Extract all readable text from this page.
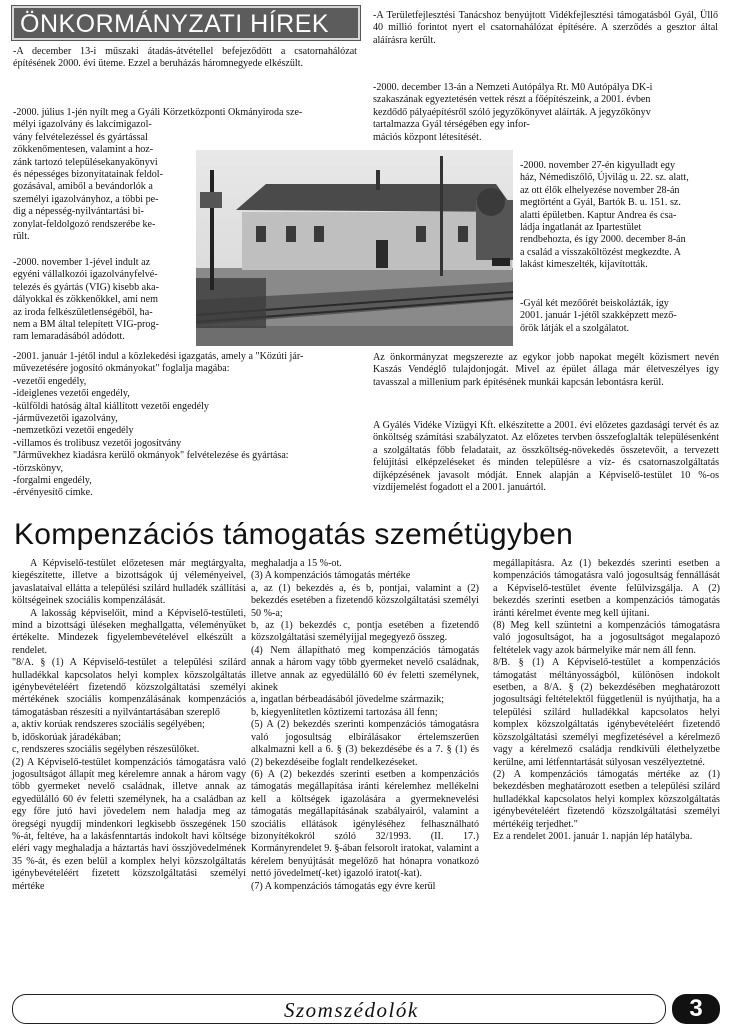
ÖNKORMÁNYZATI HÍREK

-A december 13-i műszaki átadás-átvétellel befejeződött a csatornahálózat építésének 2000. évi üteme. Ezzel a beruházás háromnegyede elkészült.

-2000. július 1-jén nyílt meg a Gyáli Körzetközponti Okmányiroda sze-
mélyi igazolvány és lakcímigazol-
vány felvételezéssel és gyártással
zökkenőmentesen, valamint a hoz-
zánk tartozó településekanyakönyvi
és népességes bizonyítatainak feldol-
gozásával, amiből a bevándorlók a
személyi igazolványhoz, a többi pe-
dig a népesség-nyilvántartási bi-
zonylat-feldolgozó rendszerébe ke-
rült.
-2000. november 1-jével indult az
egyéni vállalkozói igazolványfelvé-
telezés és gyártás (VIG) kisebb aka-
dályokkal és zökkenőkkel, ami nem
az iroda felkészületlenségéből, ha-
nem a BM által telepített VIG-prog-
ram lemaradásából adódott.
-2001. január 1-jétől indul a közlekedési igazgatás, amely a "Közúti jár-
művezetésére jogosító okmányokat" foglalja magába:
-vezetői engedély,
-ideiglenes vezetői engedély,
-külföldi hatóság által kiállított vezetői engedély
-járművezetői igazolvány,
-nemzetközi vezetői engedély
-villamos és trolibusz vezetői jogosítvány
"Járművekhez kiadásra kerülő okmányok" felvételezése és gyártása:
-törzskönyv,
-forgalmi engedély,
-érvényesítő címke.

-A Területfejlesztési Tanácshoz benyújtott Vidékfejlesztési támogatásból Gyál, Üllő 40 millió forintot nyert el csatornahálózat építésére. A szerződés a gesztor által aláírásra került.

-2000. december 13-án a Nemzeti Autópálya Rt. M0 Autópálya DK-i
szakaszának egyeztetésén vettek részt a főépítészeink, a 2001. évben
kezdődő pályaépítésről szóló jegyzőkönyvet aláírták. A jegyzőkönyv
tartalmazza Gyál térségében egy infor-
mációs központ létesítését.
-2000. november 27-én kigyulladt egy
ház, Némediszőlő, Újvilág u. 22. sz. alatt,
az ott élők elhelyezése november 28-án
megtörtént a Gyál, Bartók B. u. 151. sz.
alatti épületben. Kaptur Andrea és csa-
ládja ingatlanát az Ipartestület
rendbehozta, és így 2000. december 8-án
a család a visszaköltözést megkezdte. A
lakást kimeszelték, kijavították.
-Gyál két mezőőrét beiskolázták, így
2001. január 1-jétől szakképzett mező-
őrök látják el a szolgálatot.

Az önkormányzat megszerezte az egykor jobb napokat megélt közismert nevén Kaszás Vendéglő tulajdonjogát. Mivel az épület állaga már életveszélyes így tavasszal a millenium park építésének munkái kapcsán lebontásra kerül.

A Gyálés Vidéke Vízügyi Kft. elkészítette a 2001. évi előzetes gazdasági tervét és az önköltség számítási szabályzatot. Az előzetes tervben összefoglalták településenként a szolgáltatás főbb feladatait, az összköltség-növekedés összetevőit, a tervezett felújítási elképzeléseket és minden településre a víz- és csatornaszolgáltatás díjképzésének javasolt módját. Ennek alapján a Képviselő-testület 10 %-os vízdíjemelést fogadott el a 2001. januártól.

Kompenzációs támogatás szemétügyben

A Képviselő-testület előzetesen már megtárgyalta, kiegészítette, illetve a bizottságok új véleményeivel, javaslataival ellátta a települési szilárd hulladék szállítási költségeinek szociális kompenzálását.

A lakosság képviselőit, mind a Képviselő-testületi, mind a bizottsági üléseken meghallgatta, véleményüket értékelte. Mindezek figyelembevételével elkészült a rendelet.

"8/A. § (1) A Képviselő-testület a települési szilárd hulladékkal kapcsolatos helyi komplex közszolgáltatás igénybevételéért fizetendő közszolgáltatási személyi mértékének szociális kompenzálásának kompenzációs támogatásban részesíti a nyilvántartásában szereplő

a, aktív korúak rendszeres szociális segélyében;

b, időskorúak járadékában;

c, rendszeres szociális segélyben részesülőket.

(2) A Képviselő-testület kompenzációs támogatásra való jogosultságot állapít meg kérelemre annak a három vagy több gyermeket nevelő családnak, illetve annak az egyedülálló 60 év feletti személynek, ha a családban az egy főre jutó havi jövedelem nem haladja meg az öregségi nyugdíj mindenkori legkisebb összegének 150 %-át, feltéve, ha a lakásfenntartás indokolt havi költsége eléri vagy meghaladja a háztartás havi összjövedelmének 35 %-át, és ezen belül a komplex helyi közszolgáltatás igénybevételéért fizetett közszolgáltatási személyi mértéke

meghaladja a 15 %-ot.

(3) A kompenzációs támogatás mértéke

a, az (1) bekezdés a, és b, pontjai, valamint a (2) bekezdés esetében a fizetendő közszolgáltatási személyi 50 %-a;

b, az (1) bekezdés c, pontja esetében a fizetendő közszolgáltatási személyijjal megegyező összeg.

(4) Nem állapítható meg kompenzációs támogatás annak a három vagy több gyermeket nevelő családnak, illetve annak az egyedülálló 60 év feletti személynek, akinek

a, ingatlan bérbeadásából jövedelme származik;

b, kiegyenlítetlen köztizemi tartozása áll fenn;

(5) A (2) bekezdés szerinti kompenzációs támogatásra való jogosultság elbírálásakor értelemszerűen alkalmazni kell a 6. § (3) bekezdésébe és a 7. § (1) és (2) bekezdéseibe foglalt rendelkezéseket.

(6) A (2) bekezdés szerinti esetben a kompenzációs támogatás megállapítása iránti kérelemhez mellékelni kell a költségek igazolására a gyermeknevelési támogatás megállapításának szabályairól, valamint a szociális ellátások igényléséhez felhasználható bizonyítékokról szóló 32/1993. (II. 17.) Kormányrendelet 9. §-ában felsorolt iratokat, valamint a kérelem benyújtását megelőző hat hónapra vonatkozó nettó jövedelmet(-ket) igazoló iratot(-kat).

(7) A kompenzációs támogatás egy évre kerül

megállapításra. Az (1) bekezdés szerinti esetben a kompenzációs támogatásra való jogosultság fennállását a Képviselő-testület évente felülvizsgálja. A (2) bekezdés szerinti esetben a kompenzációs támogatás iránti kérelmet évente meg kell újítani.

(8) Meg kell szüntetni a kompenzációs támogatásra való jogosultságot, ha a jogosultságot megalapozó feltételek vagy azok bármelyike már nem áll fenn.

8/B. § (1) A Képviselő-testület a kompenzációs támogatást méltányosságból, különösen indokolt esetben, a 8/A. § (2) bekezdésében meghatározott jogosultsági feltételektől függetlenül is nyújthatja, ha a települési szilárd hulladékkal kapcsolatos helyi komplex közszolgáltatás igénybevételéért fizetendő közszolgáltatási személyi megfizetésével a kérelmező vagy a kérelmező családja rendkívüli élethelyzetbe kerülne, ami létfenntartását súlyosan veszélyeztetné.

(2) A kompenzációs támogatás mértéke az (1) bekezdésben meghatározott esetben a települési szilárd hulladékkal kapcsolatos helyi komplex közszolgáltatás igénybevételéért fizetendő közszolgáltatási személyi mértékéig terjedhet."

Ez a rendelet 2001. január 1. napján lép hatályba.

Szomszédolók	3
